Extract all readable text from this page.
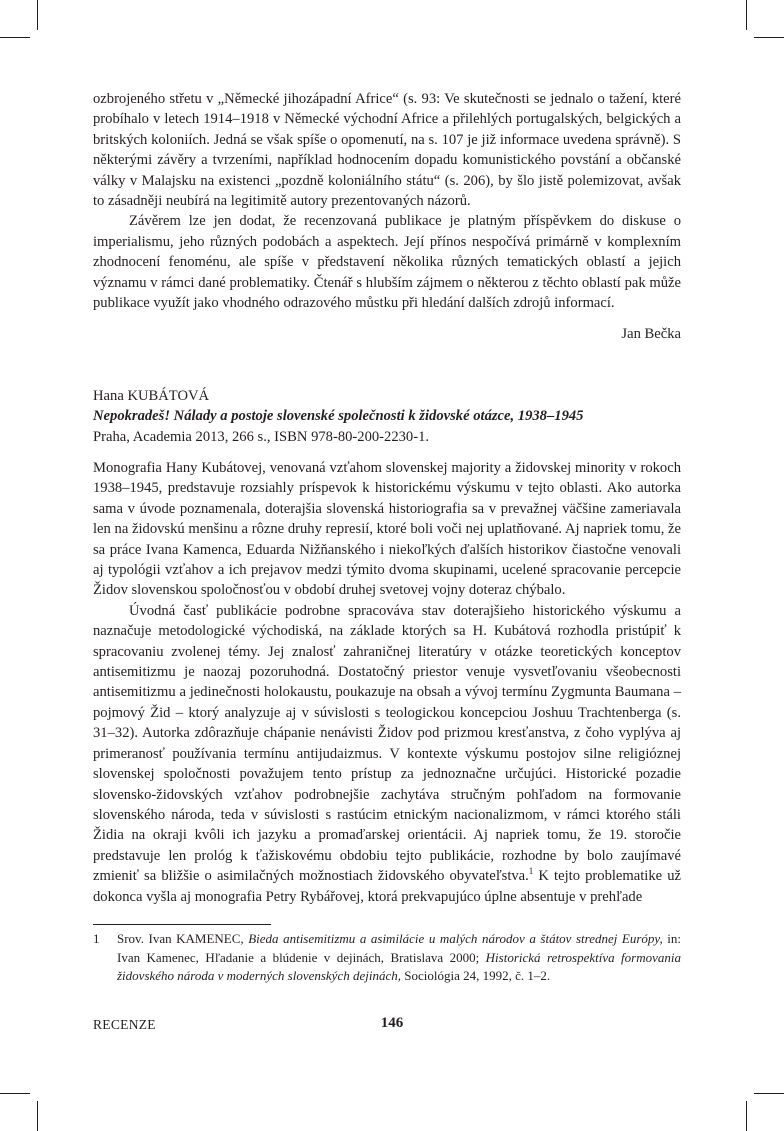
ozbrojeného střetu v „Německé jihozápadní Africe“ (s. 93: Ve skutečnosti se jednalo o tažení, které probíhalo v letech 1914–1918 v Německé východní Africe a přilehlých portugalských, belgických a britských koloniích. Jedná se však spíše o opomenutí, na s. 107 je již informace uvedena správně). S některými závěry a tvrzeními, například hodnocením dopadu komunistického povstání a občanské války v Malajsku na existenci „pozdně koloniálního státu“ (s. 206), by šlo jistě polemizovat, avšak to zásadněji neubírá na legitimitě autory prezentovaných názorů.

Závěrem lze jen dodat, že recenzovaná publikace je platným příspěvkem do diskuse o imperialismu, jeho různých podobách a aspektech. Její přínos nespočívá primárně v komplexním zhodnocení fenoménu, ale spíše v představení několika různých tematických oblastí a jejich významu v rámci dané problematiky. Čtenář s hlubším zájmem o některou z těchto oblastí pak může publikace využít jako vhodného odrazového můstku při hledání dalších zdrojů informací.

Jan Bečka
Hana KUBÁTOVÁ
Nepokradeš! Nálady a postoje slovenské společnosti k židovské otázce, 1938–1945
Praha, Academia 2013, 266 s., ISBN 978-80-200-2230-1.

Monografia Hany Kubátovej, venovaná vzťahom slovenskej majority a židovskej minority v rokoch 1938–1945, predstavuje rozsiahly príspevok k historickému výskumu v tejto oblasti. Ako autorka sama v úvode poznamenala, doterajšia slovenská historiografia sa v prevažnej väčšine zameriavala len na židovskú menšinu a rôzne druhy represií, ktoré boli voči nej uplatňované. Aj napriek tomu, že sa práce Ivana Kamenca, Eduarda Nižňanského i niekoľkých ďalších historikov čiastočne venovali aj typológii vzťahov a ich prejavov medzi týmito dvoma skupinami, ucelené spracovanie percepcie Židov slovenskou spoločnosťou v období druhej svetovej vojny doteraz chýbalo.

Úvodná časť publikácie podrobne spracováva stav doterajšieho historického výskumu a naznačuje metodologické východiská, na základe ktorých sa H. Kubátová rozhodla pristúpiť k spracovaniu zvolenej témy. Jej znalosť zahraničnej literatúry v otázke teoretických konceptov antisemitizmu je naozaj pozoruhodná. Dostatočný priestor venuje vysvetľovaniu všeobecnosti antisemitizmu a jedinečnosti holokaustu, poukazuje na obsah a vývoj termínu Zygmunta Baumana – pojmový Žid – ktorý analyzuje aj v súvislosti s teologickou koncepciou Joshuu Trachtenberga (s. 31–32). Autorka zdôrazňuje chápanie nenávisti Židov pod prizmou kresťanstva, z čoho vyplýva aj primeranosť používania termínu antijudaizmus. V kontexte výskumu postojov silne religióznej slovenskej spoločnosti považujem tento prístup za jednoznačne určujúci. Historické pozadie slovensko-židovských vzťahov podrobnejšie zachytáva stručným pohľadom na formovanie slovenského národa, teda v súvislosti s rastúcim etnickým nacionalizmom, v rámci ktorého stáli Židia na okraji kvôli ich jazyku a promaďarskej orientácii. Aj napriek tomu, že 19. storočie predstavuje len prológ k ťažiskovému obdobiu tejto publikácie, rozhodne by bolo zaujímavé zmieniť sa bližšie o asimilačných možnostiach židovského obyvateľstva.$^1$ K tejto problematike už dokonca vyšla aj monografia Petry Rybářovej, ktorá prekvapujúco úplne absentuje v prehľade

1 Srov. Ivan KAMENEC, Bieda antisemitizmu a asimilácie u malých národov a štátov strednej Európy, in: Ivan Kamenec, Hľadanie a blúdenie v dejinách, Bratislava 2000; Historická retrospektíva formovania židovského národa v moderných slovenských dejinách, Sociológia 24, 1992, č. 1–2.
RECENZE	146
